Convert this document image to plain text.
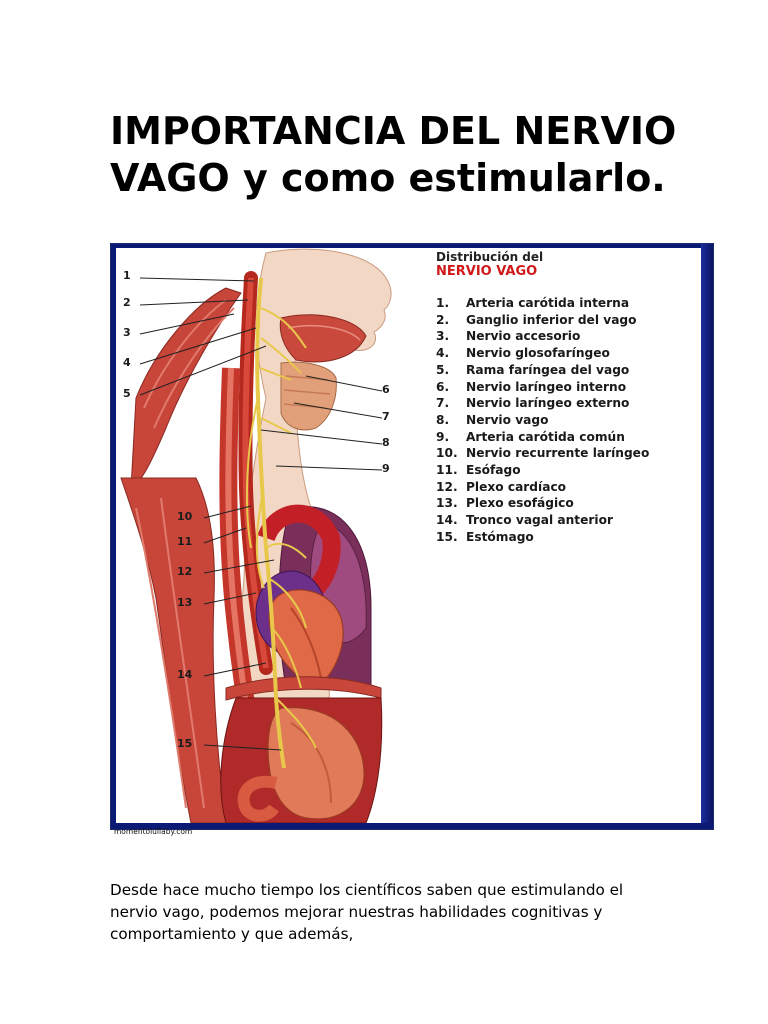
IMPORTANCIA DEL NERVIO VAGO y como estimularlo.
1
2
3
4
5	6
7
8
9
10
11
12
13
14
15

Distribución del

NERVIO VAGO

1. Arteria carótida interna
2. Ganglio inferior del vago
3. Nervio accesorio
4. Nervio glosofaríngeo
5. Rama faríngea del vago
6. Nervio laríngeo interno
7. Nervio laríngeo externo
8. Nervio vago
9. Arteria carótida común
10. Nervio recurrente laríngeo
11. Esófago
12. Plexo cardíaco
13. Plexo esofágico
14. Tronco vagal anterior
15. Estómago
momentolullaby.com

Desde hace mucho tiempo los científicos saben que estimulando el nervio vago, podemos mejorar nuestras habilidades cognitivas y comportamiento y que además,
